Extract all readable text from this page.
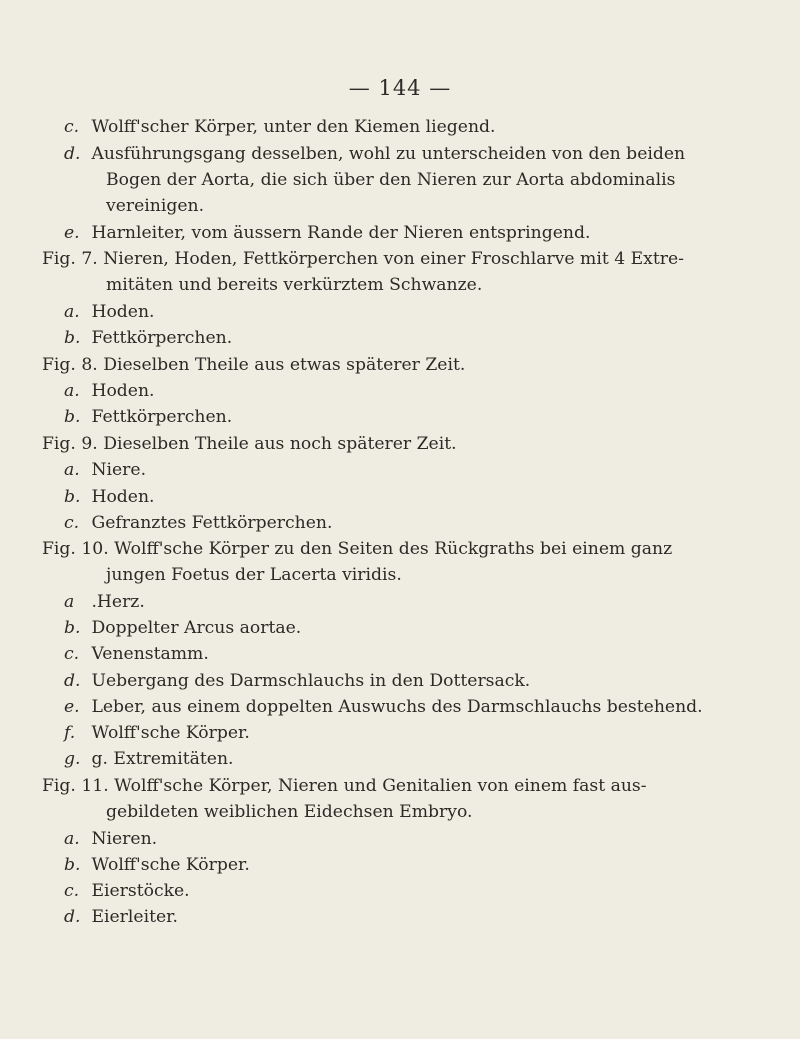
— 144 —
c. Wolff'scher Körper, unter den Kiemen liegend.
d. Ausführungsgang desselben, wohl zu unterscheiden von den beiden
Bogen der Aorta, die sich über den Nieren zur Aorta abdominalis
vereinigen.
e. Harnleiter, vom äussern Rande der Nieren entspringend.
Fig. 7. Nieren, Hoden, Fettkörperchen von einer Froschlarve mit 4 Extre-
mitäten und bereits verkürztem Schwanze.
a. Hoden.
b. Fettkörperchen.
Fig. 8. Dieselben Theile aus etwas späterer Zeit.
a. Hoden.
b. Fettkörperchen.
Fig. 9. Dieselben Theile aus noch späterer Zeit.
a. Niere.
b. Hoden.
c. Gefranztes Fettkörperchen.
Fig. 10. Wolff'sche Körper zu den Seiten des Rückgraths bei einem ganz
jungen Foetus der Lacerta viridis.
a .Herz.
b. Doppelter Arcus aortae.
c. Venenstamm.
d. Uebergang des Darmschlauchs in den Dottersack.
e. Leber, aus einem doppelten Auswuchs des Darmschlauchs bestehend.
f. Wolff'sche Körper.
g. g. Extremitäten.
Fig. 11. Wolff'sche Körper, Nieren und Genitalien von einem fast aus-
gebildeten weiblichen Eidechsen Embryo.
a. Nieren.
b. Wolff'sche Körper.
c. Eierstöcke.
d. Eierleiter.
